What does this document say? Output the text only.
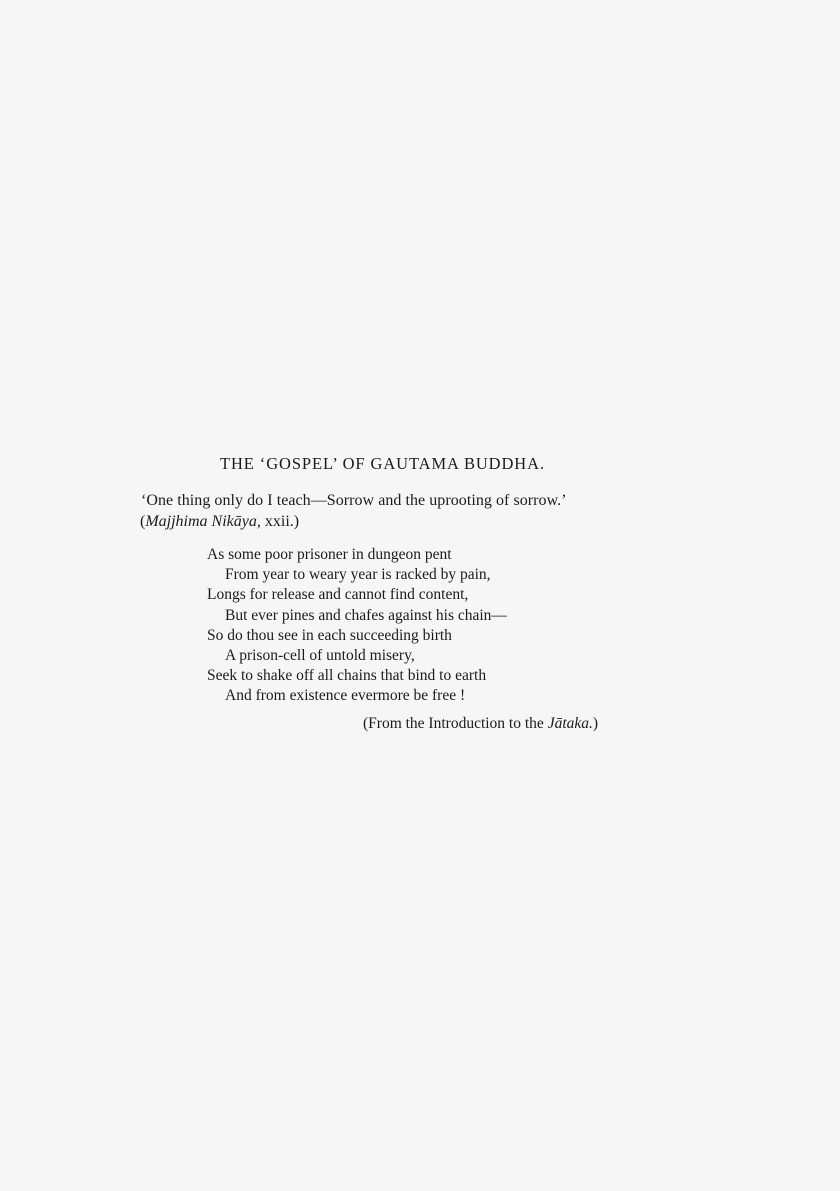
THE ‘GOSPEL’ OF GAUTAMA BUDDHA.
‘One thing only do I teach—Sorrow and the uprooting of sorrow.’
(Majjhima Nikāya, xxii.)
As some poor prisoner in dungeon pent
From year to weary year is racked by pain,
Longs for release and cannot find content,
But ever pines and chafes against his chain—
So do thou see in each succeeding birth
A prison-cell of untold misery,
Seek to shake off all chains that bind to earth
And from existence evermore be free !
(From the Introduction to the Jātaka.)
